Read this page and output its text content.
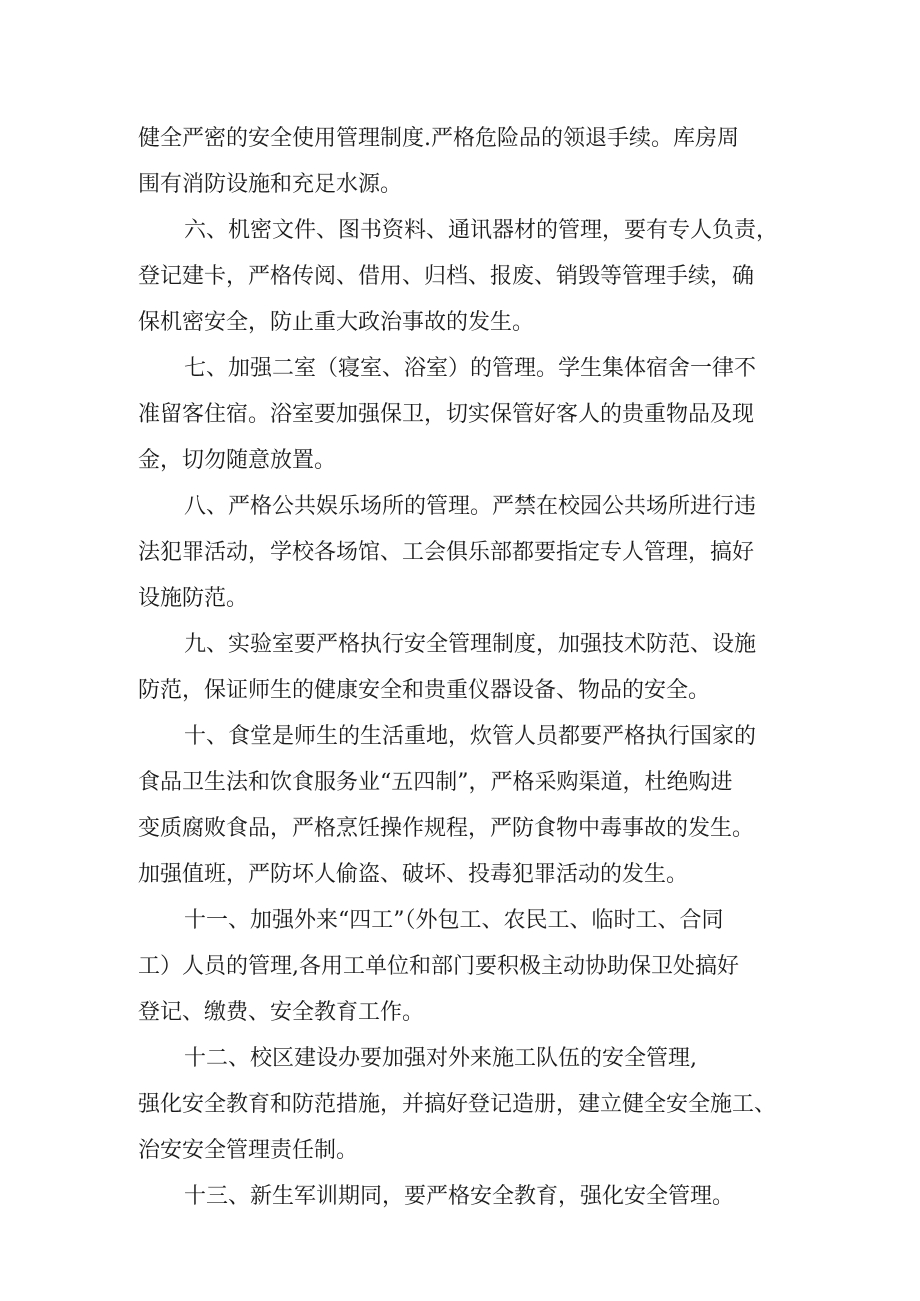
健全严密的安全使用管理制度.严格危险品的领退手续。库房周
围有消防设施和充足水源。
六、机密文件、图书资料、通讯器材的管理，要有专人负责，
登记建卡，严格传阅、借用、归档、报废、销毁等管理手续，确
保机密安全，防止重大政治事故的发生。
七、加强二室（寝室、浴室）的管理。学生集体宿舍一律不
准留客住宿。浴室要加强保卫，切实保管好客人的贵重物品及现
金，切勿随意放置。
八、严格公共娱乐场所的管理。严禁在校园公共场所进行违
法犯罪活动，学校各场馆、工会俱乐部都要指定专人管理，搞好
设施防范。
九、实验室要严格执行安全管理制度，加强技术防范、设施
防范，保证师生的健康安全和贵重仪器设备、物品的安全。
十、食堂是师生的生活重地，炊管人员都要严格执行国家的
食品卫生法和饮食服务业“五四制”，严格采购渠道，杜绝购进
变质腐败食品，严格烹饪操作规程，严防食物中毒事故的发生。
加强值班，严防坏人偷盗、破坏、投毒犯罪活动的发生。
十一、加强外来“四工”（外包工、农民工、临时工、合同
工）人员的管理,各用工单位和部门要积极主动协助保卫处搞好
登记、缴费、安全教育工作。
十二、校区建设办要加强对外来施工队伍的安全管理,
强化安全教育和防范措施，并搞好登记造册，建立健全安全施工、
治安安全管理责任制。
十三、新生军训期同，要严格安全教育，强化安全管理。
